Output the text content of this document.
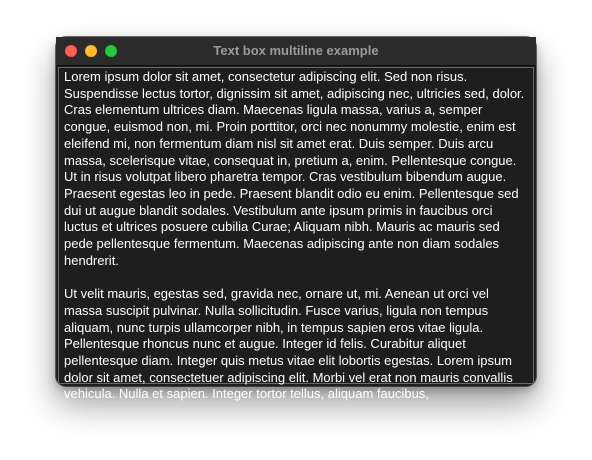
Text box multiline example

Lorem ipsum dolor sit amet, consectetur adipiscing elit. Sed non risus. Suspendisse lectus tortor, dignissim sit amet, adipiscing nec, ultricies sed, dolor. Cras elementum ultrices diam. Maecenas ligula massa, varius a, semper congue, euismod non, mi. Proin porttitor, orci nec nonummy molestie, enim est eleifend mi, non fermentum diam nisl sit amet erat. Duis semper. Duis arcu massa, scelerisque vitae, consequat in, pretium a, enim. Pellentesque congue. Ut in risus volutpat libero pharetra tempor. Cras vestibulum bibendum augue. Praesent egestas leo in pede. Praesent blandit odio eu enim. Pellentesque sed dui ut augue blandit sodales. Vestibulum ante ipsum primis in faucibus orci luctus et ultrices posuere cubilia Curae; Aliquam nibh. Mauris ac mauris sed pede pellentesque fermentum. Maecenas adipiscing ante non diam sodales hendrerit.

Ut velit mauris, egestas sed, gravida nec, ornare ut, mi. Aenean ut orci vel massa suscipit pulvinar. Nulla sollicitudin. Fusce varius, ligula non tempus aliquam, nunc turpis ullamcorper nibh, in tempus sapien eros vitae ligula. Pellentesque rhoncus nunc et augue. Integer id felis. Curabitur aliquet pellentesque diam. Integer quis metus vitae elit lobortis egestas. Lorem ipsum dolor sit amet, consectetuer adipiscing elit. Morbi vel erat non mauris convallis vehicula. Nulla et sapien. Integer tortor tellus, aliquam faucibus,
